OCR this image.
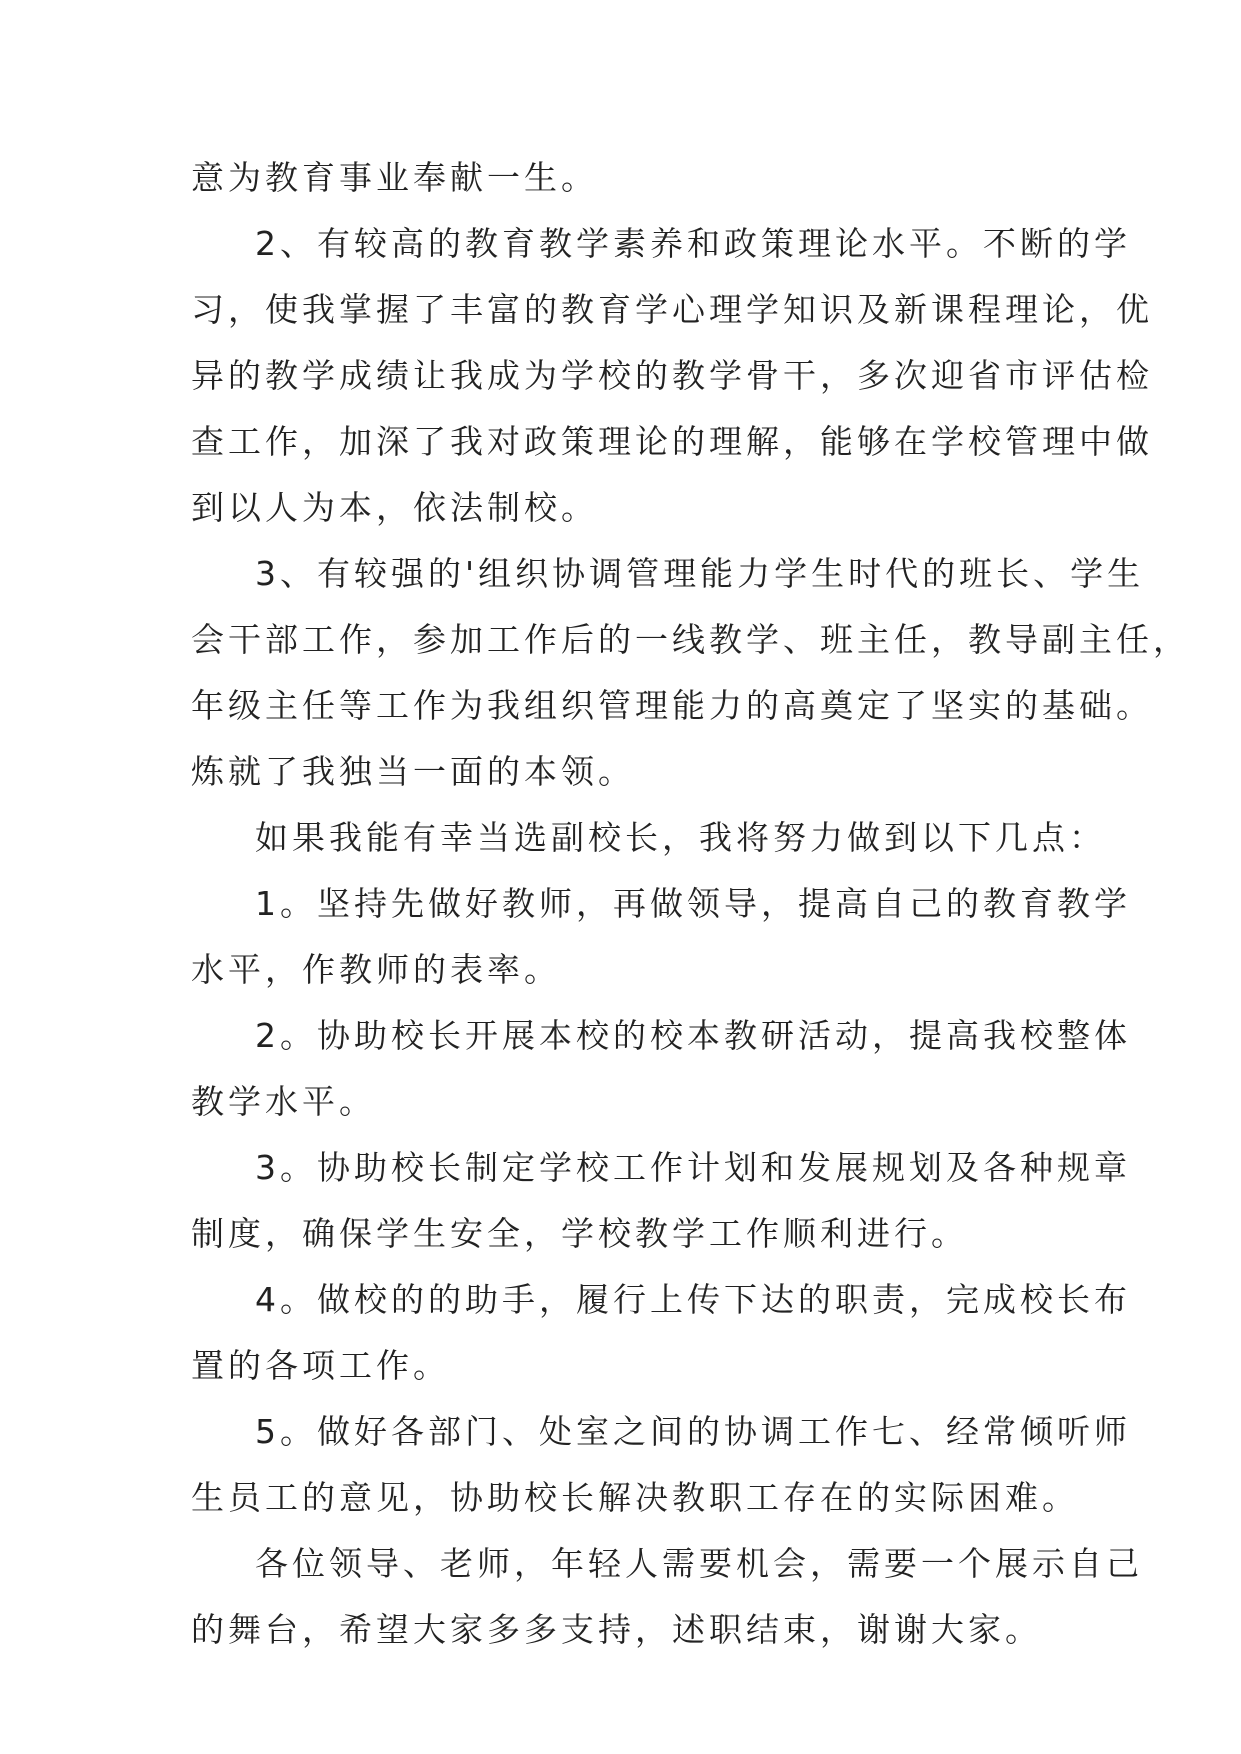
意为教育事业奉献一生。
2、有较高的教育教学素养和政策理论水平。不断的学
习，使我掌握了丰富的教育学心理学知识及新课程理论，优
异的教学成绩让我成为学校的教学骨干，多次迎省市评估检
查工作，加深了我对政策理论的理解，能够在学校管理中做
到以人为本，依法制校。
3、有较强的'组织协调管理能力学生时代的班长、学生
会干部工作，参加工作后的一线教学、班主任，教导副主任，
年级主任等工作为我组织管理能力的高奠定了坚实的基础。
炼就了我独当一面的本领。
如果我能有幸当选副校长，我将努力做到以下几点：
1。坚持先做好教师，再做领导，提高自己的教育教学
水平，作教师的表率。
2。协助校长开展本校的校本教研活动，提高我校整体
教学水平。
3。协助校长制定学校工作计划和发展规划及各种规章
制度，确保学生安全，学校教学工作顺利进行。
4。做校的的助手，履行上传下达的职责，完成校长布
置的各项工作。
5。做好各部门、处室之间的协调工作七、经常倾听师
生员工的意见，协助校长解决教职工存在的实际困难。
各位领导、老师，年轻人需要机会，需要一个展示自己
的舞台，希望大家多多支持，述职结束，谢谢大家。
